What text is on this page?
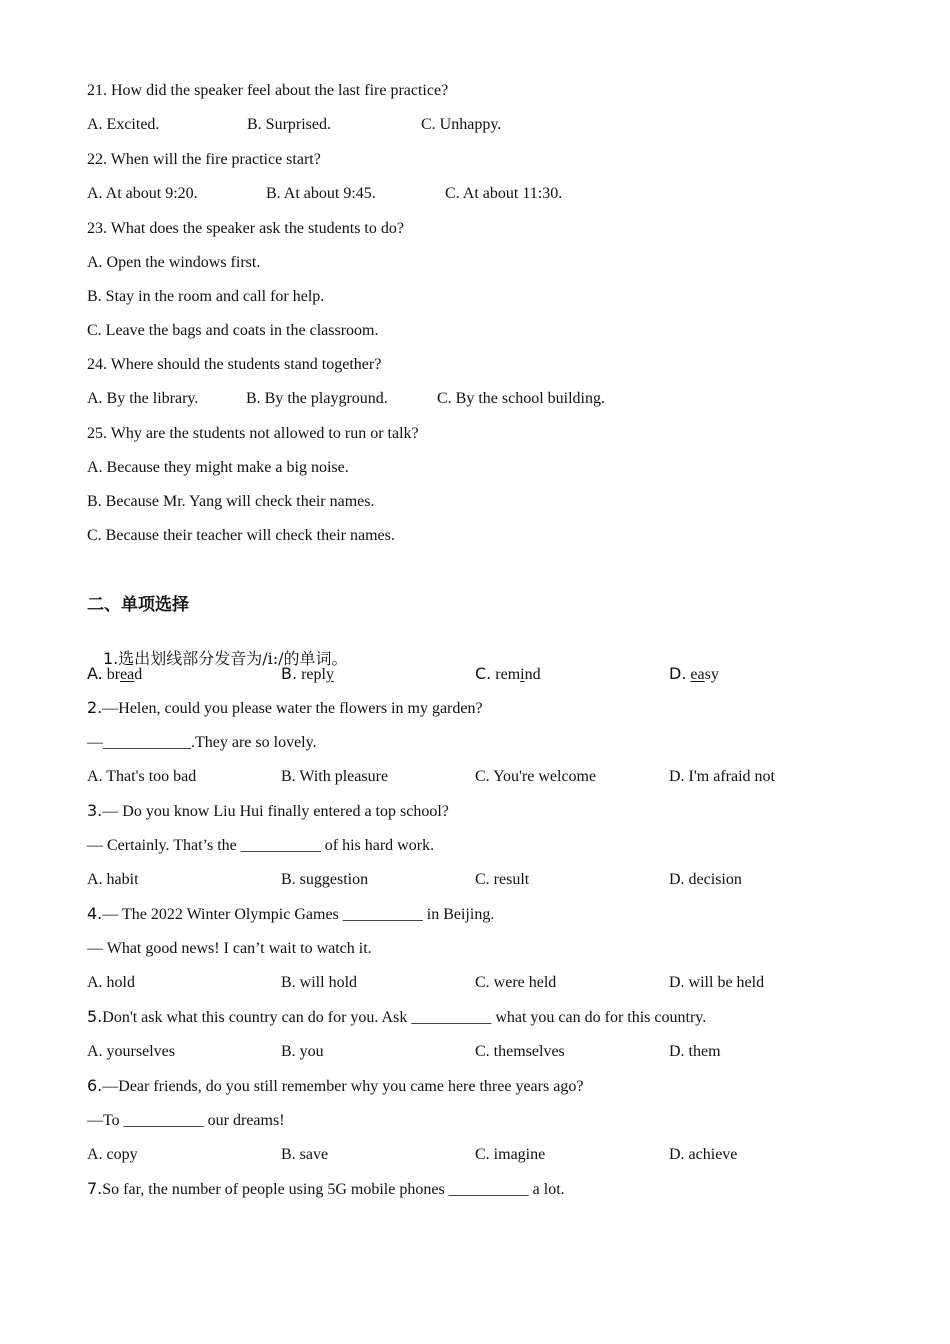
21. How did the speaker feel about the last fire practice?
A. Excited.	B. Surprised.	C. Unhappy.
22. When will the fire practice start?
A. At about 9:20.	B. At about 9:45.	C. At about 11:30.
23. What does the speaker ask the students to do?
A. Open the windows first.
B. Stay in the room and call for help.
C. Leave the bags and coats in the classroom.
24. Where should the students stand together?
A. By the library.	B. By the playground.	C. By the school building.
25. Why are the students not allowed to run or talk?
A. Because they might make a big noise.
B. Because Mr. Yang will check their names.
C. Because their teacher will check their names.
二、单项选择

1.选出划线部分发音为/i:/的单词。

A. bread	B. reply	C. remind	D. easy
2.—Helen, could you please water the flowers in my garden?
—___________.They are so lovely.
A. That's too bad	B. With pleasure	C. You're welcome	D. I'm afraid not
3.— Do you know Liu Hui finally entered a top school?
— Certainly. That’s the __________ of his hard work.
A. habit	B. suggestion	C. result	D. decision
4.— The 2022 Winter Olympic Games __________ in Beijing.
— What good news! I can’t wait to watch it.
A. hold	B. will hold	C. were held	D. will be held
5.Don't ask what this country can do for you. Ask __________ what you can do for this country.
A. yourselves	B. you	C. themselves	D. them
6.—Dear friends, do you still remember why you came here three years ago?
—To __________ our dreams!
A. copy	B. save	C. imagine	D. achieve
7.So far, the number of people using 5G mobile phones __________ a lot.
